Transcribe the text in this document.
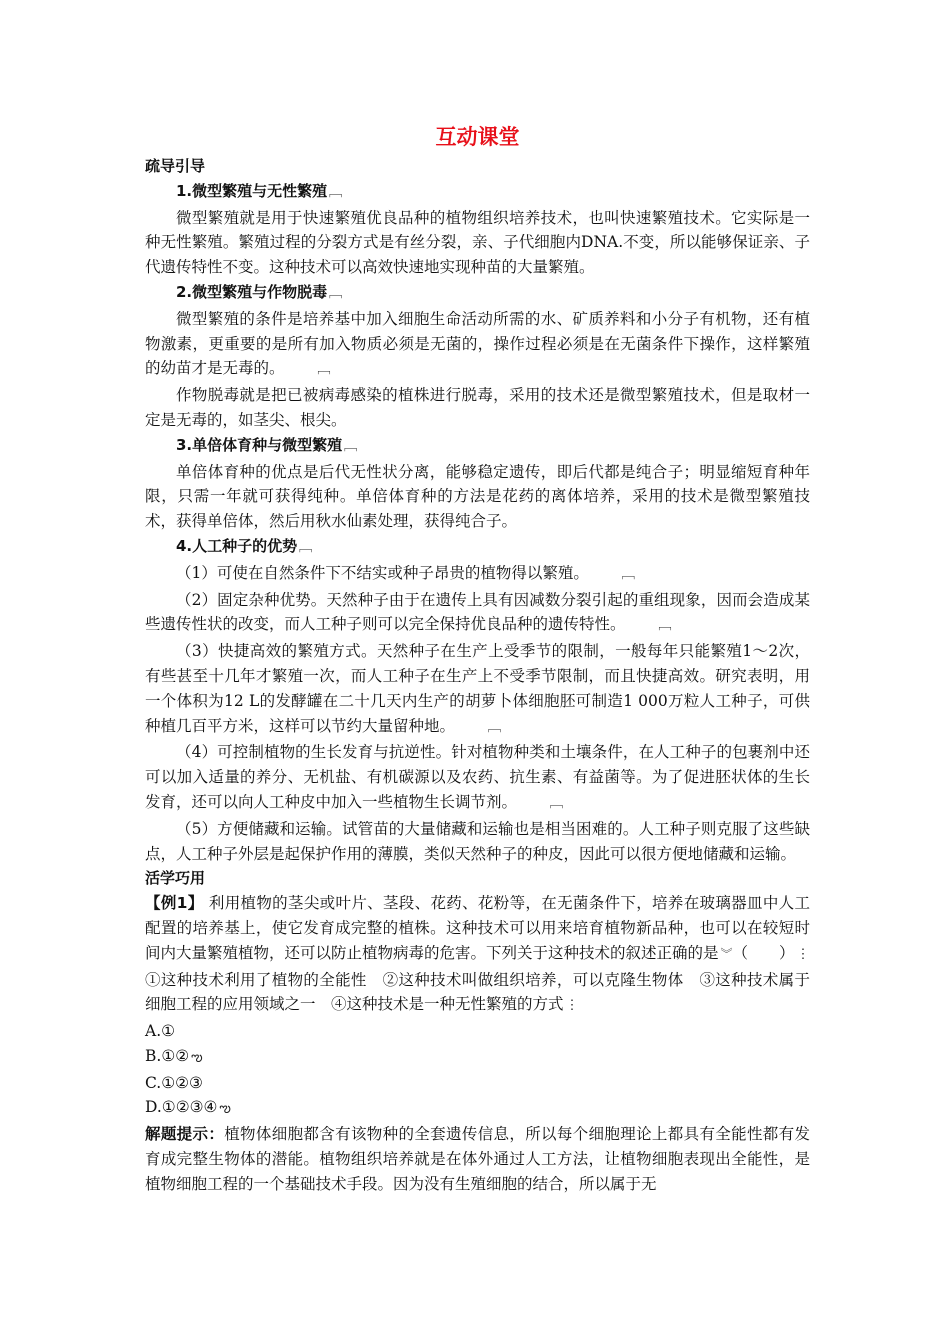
互动课堂
疏导引导
1.微型繁殖与无性繁殖 ﹇
微型繁殖就是用于快速繁殖优良品种的植物组织培养技术，也叫快速繁殖技术。它实际是一种无性繁殖。繁殖过程的分裂方式是有丝分裂，亲、子代细胞内DNA.不变，所以能够保证亲、子代遗传特性不变。这种技术可以高效快速地实现种苗的大量繁殖。
2.微型繁殖与作物脱毒 ﹇
微型繁殖的条件是培养基中加入细胞生命活动所需的水、矿质养料和小分子有机物，还有植物激素，更重要的是所有加入物质必须是无菌的，操作过程必须是在无菌条件下操作，这样繁殖的幼苗才是无毒的。	﹇
作物脱毒就是把已被病毒感染的植株进行脱毒，采用的技术还是微型繁殖技术，但是取材一定是无毒的，如茎尖、根尖。
3.单倍体育种与微型繁殖 ﹇
单倍体育种的优点是后代无性状分离，能够稳定遗传，即后代都是纯合子；明显缩短育种年限，只需一年就可获得纯种。单倍体育种的方法是花药的离体培养，采用的技术是微型繁殖技术，获得单倍体，然后用秋水仙素处理，获得纯合子。
4.人工种子的优势 ﹇
（1）可使在自然条件下不结实或种子昂贵的植物得以繁殖。	﹇
（2）固定杂种优势。天然种子由于在遗传上具有因减数分裂引起的重组现象，因而会造成某些遗传性状的改变，而人工种子则可以完全保持优良品种的遗传特性。	﹇
（3）快捷高效的繁殖方式。天然种子在生产上受季节的限制，一般每年只能繁殖1～2次，有些甚至十几年才繁殖一次，而人工种子在生产上不受季节限制，而且快捷高效。研究表明，用一个体积为12 L的发酵罐在二十几天内生产的胡萝卜体细胞胚可制造1 000万粒人工种子，可供种植几百平方米，这样可以节约大量留种地。	﹇
（4）可控制植物的生长发育与抗逆性。针对植物种类和土壤条件，在人工种子的包裹剂中还可以加入适量的养分、无机盐、有机碳源以及农药、抗生素、有益菌等。为了促进胚状体的生长发育，还可以向人工种皮中加入一些植物生长调节剂。	﹇
（5）方便储藏和运输。试管苗的大量储藏和运输也是相当困难的。人工种子则克服了这些缺点，人工种子外层是起保护作用的薄膜，类似天然种子的种皮，因此可以很方便地储藏和运输。
活学巧用
【例1】 利用植物的茎尖或叶片、茎段、花药、花粉等，在无菌条件下，培养在玻璃器皿中人工配置的培养基上，使它发育成完整的植株。这种技术可以用来培育植物新品种，也可以在较短时间内大量繁殖植物，还可以防止植物病毒的危害。下列关于这种技术的叙述正确的是 ︾（　　） ⋮
①这种技术利用了植物的全能性　②这种技术叫做组织培养，可以克隆生物体　③这种技术属于细胞工程的应用领域之一　④这种技术是一种无性繁殖的方式 ⋮
A.①
B.①② ఌ
C.①②③
D.①②③④ ఌ
解题提示：植物体细胞都含有该物种的全套遗传信息，所以每个细胞理论上都具有全能性都有发育成完整生物体的潜能。植物组织培养就是在体外通过人工方法，让植物细胞表现出全能性，是植物细胞工程的一个基础技术手段。因为没有生殖细胞的结合，所以属于无
